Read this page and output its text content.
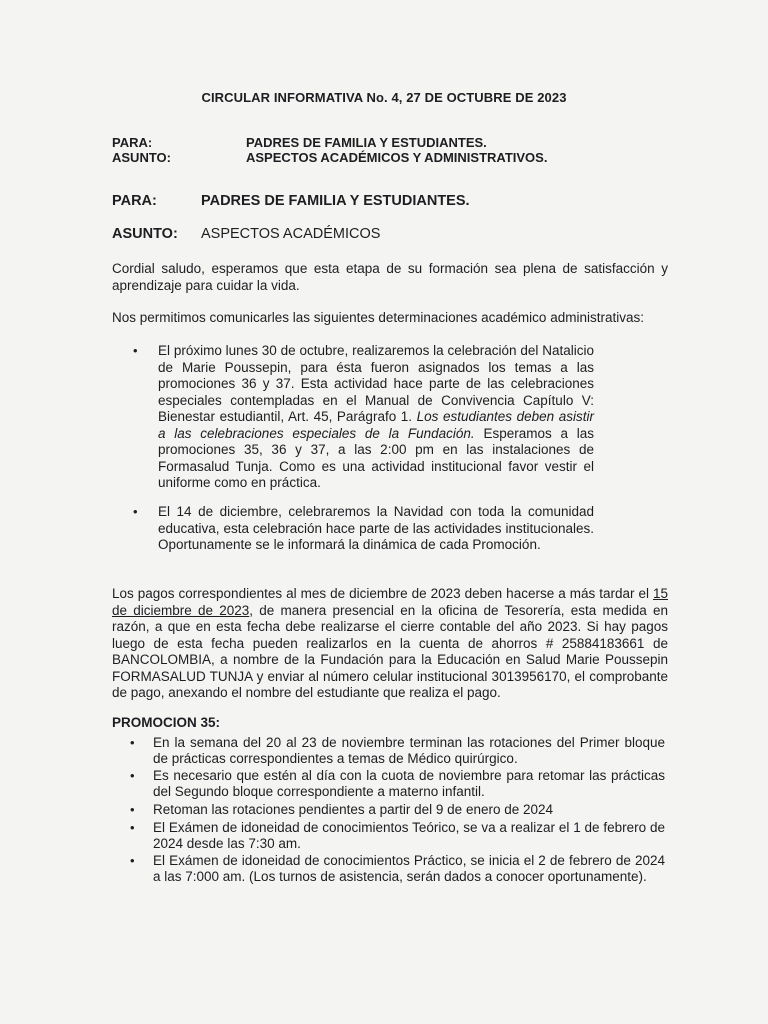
CIRCULAR INFORMATIVA No. 4, 27 DE OCTUBRE DE 2023
PARA:	PADRES DE FAMILIA Y ESTUDIANTES.
ASUNTO:	ASPECTOS ACADÉMICOS Y ADMINISTRATIVOS.
PARA:	PADRES DE FAMILIA Y ESTUDIANTES.
ASUNTO: ASPECTOS ACADÉMICOS
Cordial saludo, esperamos que esta etapa de su formación sea plena de satisfacción y aprendizaje para cuidar la vida.
Nos permitimos comunicarles las siguientes determinaciones académico administrativas:
• El próximo lunes 30 de octubre, realizaremos la celebración del Natalicio de Marie Poussepin, para ésta fueron asignados los temas a las promociones 36 y 37. Esta actividad hace parte de las celebraciones especiales contempladas en el Manual de Convivencia Capítulo V: Bienestar estudiantil, Art. 45, Parágrafo 1. Los estudiantes deben asistir a las celebraciones especiales de la Fundación. Esperamos a las promociones 35, 36 y 37, a las 2:00 pm en las instalaciones de Formasalud Tunja. Como es una actividad institucional favor vestir el uniforme como en práctica.
• El 14 de diciembre, celebraremos la Navidad con toda la comunidad educativa, esta celebración hace parte de las actividades institucionales. Oportunamente se le informará la dinámica de cada Promoción.
Los pagos correspondientes al mes de diciembre de 2023 deben hacerse a más tardar el 15 de diciembre de 2023, de manera presencial en la oficina de Tesorería, esta medida en razón, a que en esta fecha debe realizarse el cierre contable del año 2023. Si hay pagos luego de esta fecha pueden realizarlos en la cuenta de ahorros # 25884183661 de BANCOLOMBIA, a nombre de la Fundación para la Educación en Salud Marie Poussepin FORMASALUD TUNJA y enviar al número celular institucional 3013956170, el comprobante de pago, anexando el nombre del estudiante que realiza el pago.
PROMOCION 35:
• En la semana del 20 al 23 de noviembre terminan las rotaciones del Primer bloque de prácticas correspondientes a temas de Médico quirúrgico.
• Es necesario que estén al día con la cuota de noviembre para retomar las prácticas del Segundo bloque correspondiente a materno infantil.
• Retoman las rotaciones pendientes a partir del 9 de enero de 2024
• El Exámen de idoneidad de conocimientos Teórico, se va a realizar el 1 de febrero de 2024 desde las 7:30 am.
• El Exámen de idoneidad de conocimientos Práctico, se inicia el 2 de febrero de 2024 a las 7:000 am. (Los turnos de asistencia, serán dados a conocer oportunamente).
